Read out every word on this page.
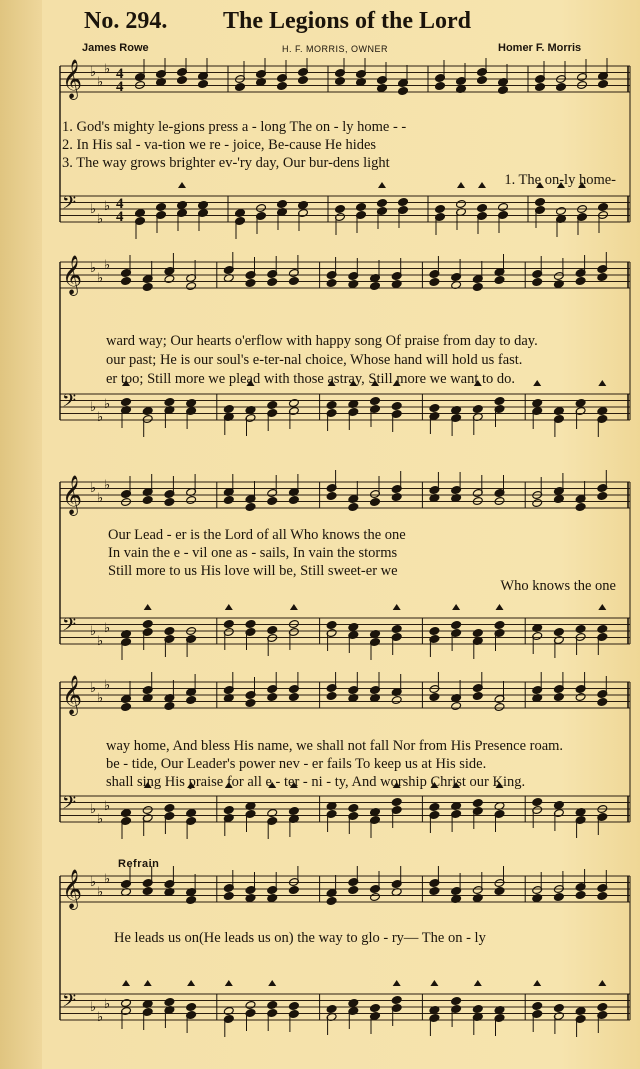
No. 294. The Legions of the Lord
James Rowe	H. F. MORRIS, OWNER	Homer F. Morris
𝄞 ♭
♭
♭ 4
4
𝄢 ♭
♭
♭ 4
4
1. God's mighty le-gions press a - long The on - ly home - -
2. In His sal - va-tion we re - joice, Be-cause He hides
3. The way grows brighter ev-'ry day, Our bur-dens light
1. The on-ly home-
𝄞 ♭
♭
♭
𝄢 ♭
♭
♭
ward way; Our hearts o'erflow with happy song Of praise from day to day.
our past; He is our soul's e-ter-nal choice, Whose hand will hold us fast.
er too; Still more we plead with those astray, Still more we want to do.
𝄞 ♭
♭
♭
𝄢 ♭
♭
♭
Our Lead - er is the Lord of all Who knows the one
In vain the e - vil one as - sails, In vain the storms
Still more to us His love will be, Still sweet-er we
Who knows the one
𝄞 ♭
♭
♭
𝄢 ♭
♭
♭
way home, And bless His name, we shall not fall Nor from His Presence roam.
be - tide, Our Leader's power nev - er fails To keep us at His side.
shall sing His praise for all e - ter - ni - ty, And worship Christ our King.
Refrain
𝄞 ♭
♭
♭
𝄢 ♭
♭
♭
He leads us on(He leads us on) the way to glo - ry— The on - ly
